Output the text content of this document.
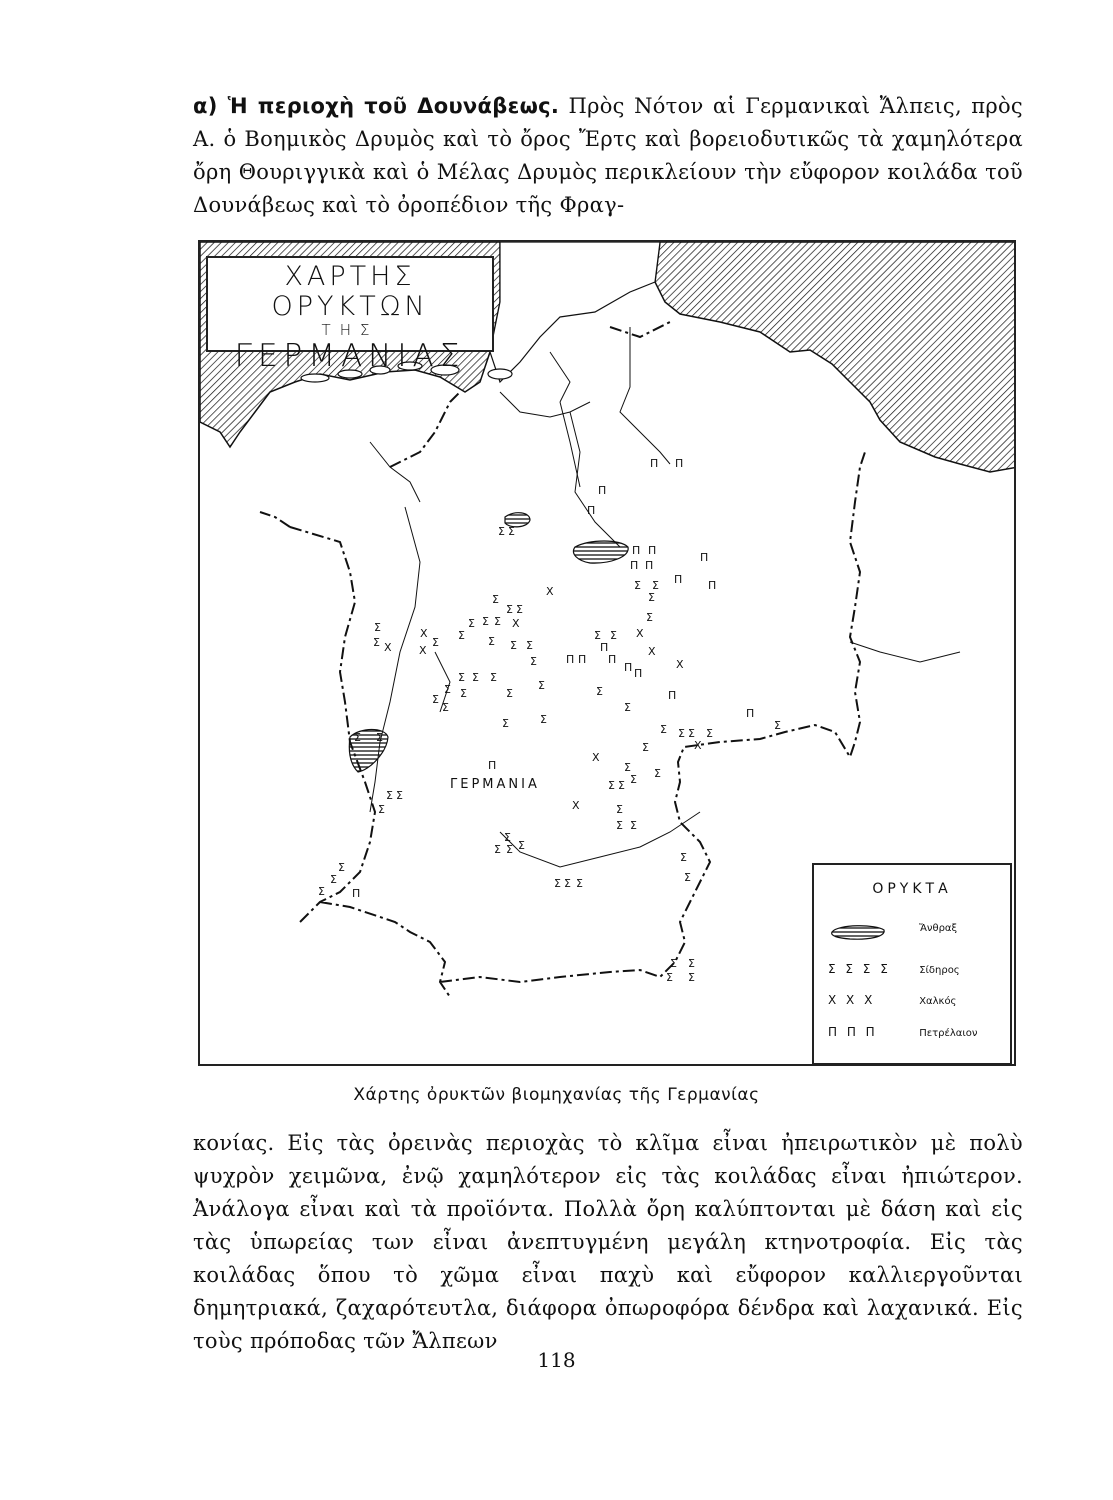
α) Ἡ περιοχὴ τοῦ Δουνάβεως. Πρὸς Νότον αἱ Γερμανικαὶ Ἄλπεις, πρὸς Α. ὁ Βοημικὸς Δρυμὸς καὶ τὸ ὄρος Ἔρτς καὶ βορειοδυτικῶς τὰ χαμηλότερα ὄρη Θουριγγικὰ καὶ ὁ Μέλας Δρυμὸς περικλείουν τὴν εὔφορον κοιλάδα τοῦ Δουνάβεως καὶ τὸ ὀροπέδιον τῆς Φραγ-
ΧΑΡΤΗΣ ΟΡΥΚΤΩΝ
ΤΗΣ
ΓΕΡΜΑΝΙΑΣ
ΓΕΡΜΑΝΙΑ
Π Π
Π
Π
Σ Σ
Π Π
Π Π
Π
Π
Σ Σ Π
Χ
Σ
Σ Σ
Σ
Σ
Σ Σ Σ Χ
Σ
Σ Χ
Χ
Σ
Χ
Σ Σ Σ Σ
Σ
Π
Σ Σ Χ
Π Π Π
Π Π
Χ
Χ
Σ Σ Σ
Σ Σ	Σ
Σ	Σ	Π
Σ
Σ
Σ	Σ
Σ	Π
Σ
Σ Σ Σ Σ
Σ	Χ
Χ
Σ Σ
Π	Σ Σ
Σ
Σ Σ
Χ
Σ Σ
Σ	Σ
Σ Σ
Σ
Σ Σ Σ
Σ
Σ
Σ Σ Σ
Σ
Σ
Σ Π
Σ Σ
Σ Σ
ΟΡΥΚΤΑ
Ἄνθραξ
Σ Σ Σ Σ	Σίδηρος
Χ Χ Χ	Χαλκός
Π Π Π	Πετρέλαιον
Χάρτης ὀρυκτῶν βιομηχανίας τῆς Γερμανίας
κονίας. Εἰς τὰς ὀρεινὰς περιοχὰς τὸ κλῖμα εἶναι ἠπειρωτικὸν μὲ πολὺ ψυχρὸν χειμῶνα, ἐνῷ χαμηλότερον εἰς τὰς κοιλάδας εἶναι ἠπιώτερον. Ἀνάλογα εἶναι καὶ τὰ προϊόντα. Πολλὰ ὄρη καλύπτονται μὲ δάση καὶ εἰς τὰς ὑπωρείας των εἶναι ἀνεπτυγμένη μεγάλη κτηνοτροφία. Εἰς τὰς κοιλάδας ὅπου τὸ χῶμα εἶναι παχὺ καὶ εὔφορον καλλιεργοῦνται δημητριακά, ζαχαρότευτλα, διάφορα ὀπωροφόρα δένδρα καὶ λαχανικά. Εἰς τοὺς πρόποδας τῶν Ἄλπεων
118
